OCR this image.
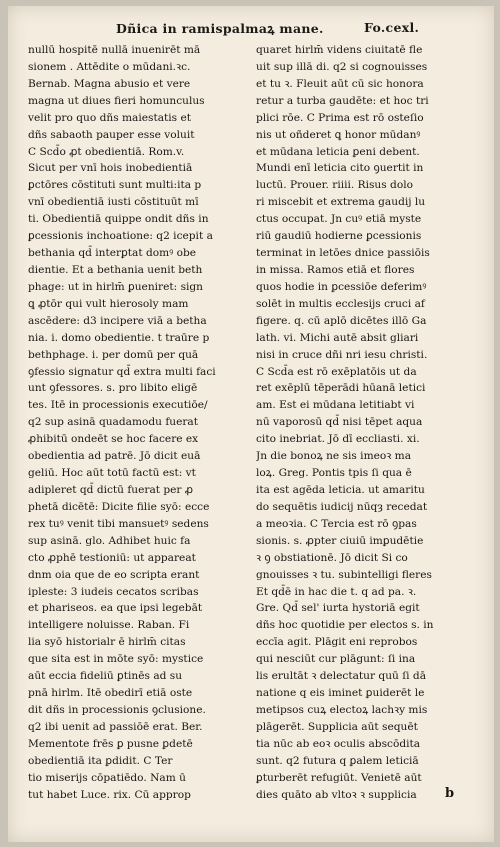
Dñica in ramispalmaꝝ mane.	Fo.cexl.
nullū hospitē nullā inuenirēt mā
sionem . Attēdite o mūdani.ꝛc.
Bernab. Magna abusio et vere
magna ut diues fieri homunculus
velit pro quo dñs maiestatis et
dñs sabaoth pauper esse voluit
C Scd̄o ꝓt obedientiā. Rom.v.
Sicut per vnī hois inobedientiā
ꝑctōres cōstituti sunt multi:ita p
vnī obedientiā iusti cōstituūt mī
ti. Obedientiā quippe ondit dñs in
ꝑcessionis inchoatione: q2 icepit a
bethania qd̄ interꝑtat domꝰ obe
dientie. Et a bethania uenit beth
phage: ut in hirlm̄ ꝑueniret: sign
ꝗ ꝓtōr qui vult hierosoly mam
ascēdere: d3 incipere viā a betha
nia. i. domo obedientie. t traūre p
bethphage. i. per domū per quā
ꝯfessio signatur qd̄ extra multi faci
unt ꝯfessores. s. pro libito eligē
tes. Itē in processionis executiōe/
q2 sup asinā quadamodu fuerat
ꝓhibitū ondeēt se hoc facere ex
obedientia ad patrē. Jō dicit euā
geliū. Hoc aūt totū factū est: vt
adipleret qd̄ dictū fuerat per ꝓ
phetā dicētē: Dicite filie syō: ecce
rex tuꝰ venit tibi mansuetꝰ sedens
sup asinā. glo. Adhibet huic fa
cto ꝓphē testioniū: ut appareat
dnm oia que de eo scripta erant
ipleste: 3 iudeis cecatos scribas
et phariseos. ea que ipsi legebāt
intelligere noluisse. Raban. Fi
lia syō historialr ē hirlm̄ citas
que sita est in mōte syō: mystice
aūt eccia fideliū ꝑtinēs ad su
pnā hirlm. Itē obedirī etiā oste
dit dñs in processionis ꝯclusione.
q2 ibi uenit ad passiōē erat. Ber.
Mementote frēs ꝑ pusne ꝑdetē
obedientiā ita ꝑdidit. C Ter
tio miserijs cōpatiēdo. Nam ū
tut habet Luce. rix. Cū approp
quaret hirlm̄ videns ciuitatē fle
uit sup illā di. q2 si cognouisses
et tu ꝛ. Fleuit aūt cū sic honora
retur a turba gaudēte: et hoc tri
plici rōe. C Prima est rō osteſio
nis ut oñderet ꝗ honor mūdanꝰ
et mūdana leticia ꝑeni debent.
Mundi enī leticia cito ꝯuertit in
luctū. Prouer. riiii. Risus dolo
ri miscebit et extrema gaudij lu
ctus occupat. Jn cuꝰ etiā myste
riū gaudiū hodierne ꝑcessionis
terminat in letōes dnice passiōis
in missa. Ramos etiā et flores
quos hodie in ꝑcessiōe deferimꝰ
solēt in multis ecclesijs cruci af
figere. q. cū aplō dicētes illō Ga
lath. vi. Michi autē absit gliari
nisi in cruce dñi nri iesu christi.
C Scd̄a est rō exēplatōis ut da
ret exēplū tēperādi hūanā letici
am. Est ei mūdana letitiabt vi
nū vaporosū qd̄ nisi tēpet aqua
cito inebriat. Jō dī eccliasti. xi.
Jn die bonoꝝ ne sis imeoꝛ ma
loꝝ. Greg. Pontis tpis ſi qua ē
ita est agēda leticia. ut amaritu
do sequētis iudicij nūqȝ recedat
a meoꝛia. C Tercia est rō ꝯpas
sionis. s. ꝓpter ciuiū imꝑudētie
ꝛ ꝯ obstiationē. Jō dicit Si co
gnouisses ꝛ tu. subintelligi fleres
Et qd̄ē in hac die t. q ad pa. ꝛ.
Gre. Qd̄ sel' iurta hystoriā egit
dñs hoc quotidie per electos s. in
eccīa agit. Plāgit eni reprobos
qui nesciūt cur plāgunt: ſi ina
lis erultāt ꝛ delectatur quū ſi dā
natione q eis iminet ꝑuiderēt le
metipsos cuꝝ electoꝝ lachꝛy mis
plāgerēt. Supplicia aūt sequēt
tia nūc ab eoꝛ oculis abscōdita
sunt. q2 futura q ꝑalem leticiā
ꝑturberēt refugiūt. Venietē aūt
dies quāto ab vltoꝛ ꝛ supplicia	b
